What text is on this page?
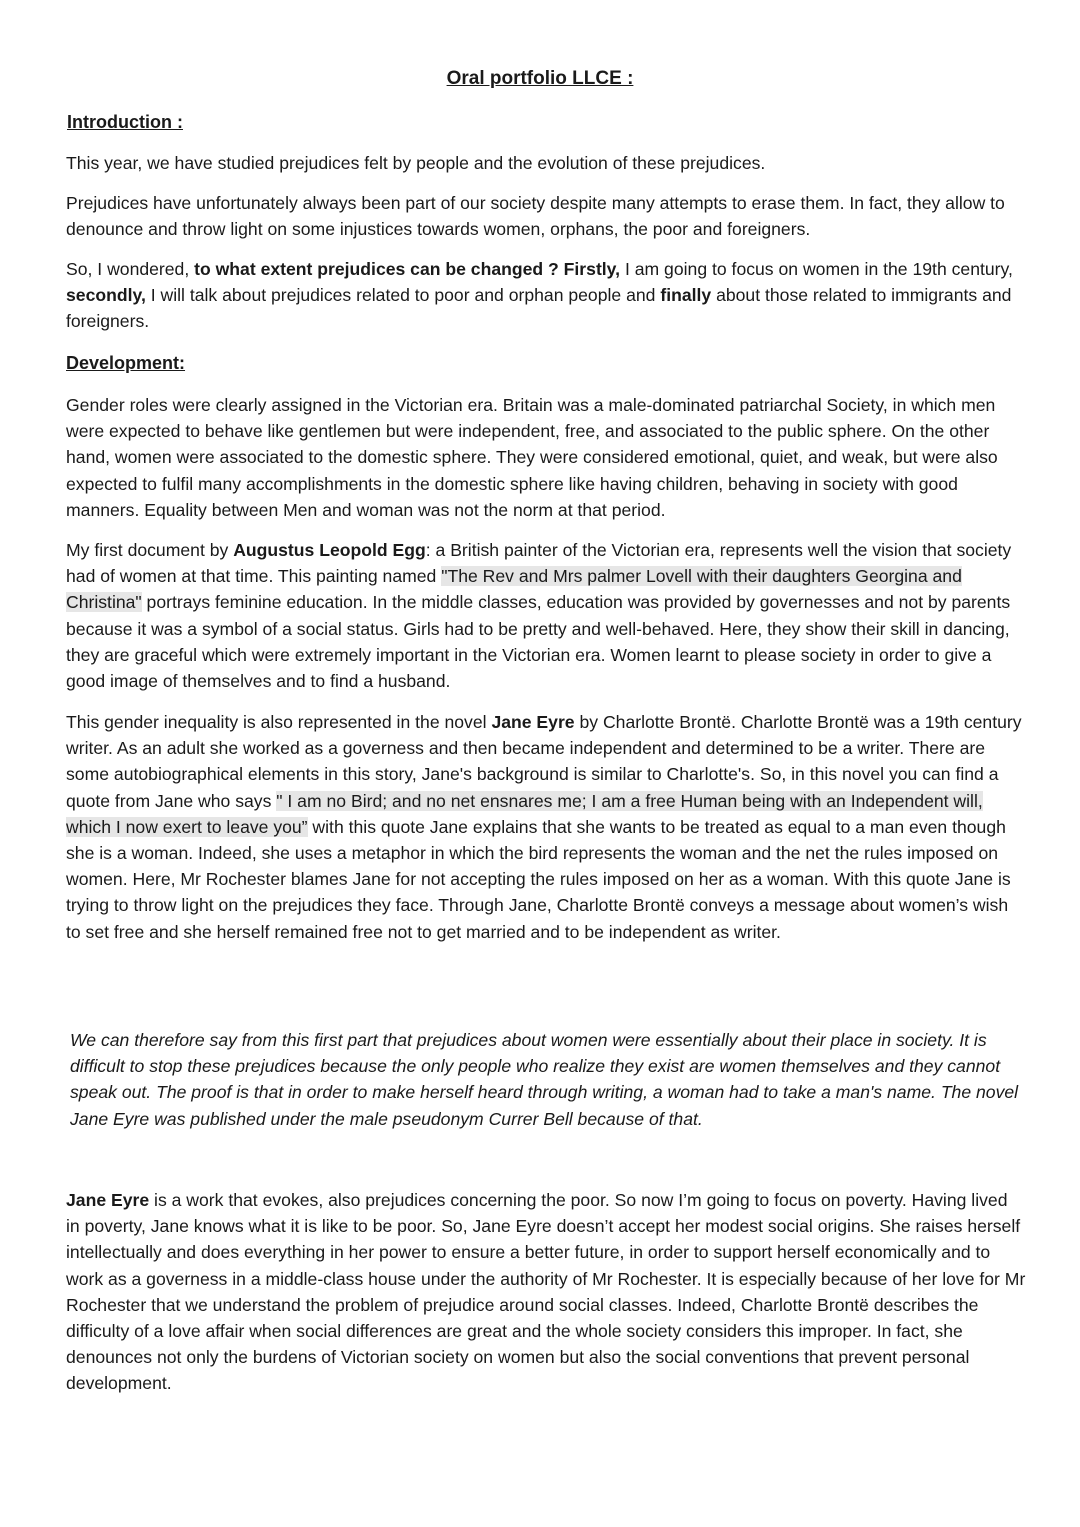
Oral portfolio LLCE :
Introduction :

This year, we have studied prejudices felt by people and the evolution of these prejudices.

Prejudices have unfortunately always been part of our society despite many attempts to erase them. In fact, they allow to denounce and throw light on some injustices towards women, orphans, the poor and foreigners.

So, I wondered, to what extent prejudices can be changed ? Firstly, I am going to focus on women in the 19th century, secondly, I will talk about prejudices related to poor and orphan people and finally about those related to immigrants and foreigners.

Development:

Gender roles were clearly assigned in the Victorian era. Britain was a male-dominated patriarchal Society, in which men were expected to behave like gentlemen but were independent, free, and associated to the public sphere. On the other hand, women were associated to the domestic sphere. They were considered emotional, quiet, and weak, but were also expected to fulfil many accomplishments in the domestic sphere like having children, behaving in society with good manners. Equality between Men and woman was not the norm at that period.

My first document by Augustus Leopold Egg: a British painter of the Victorian era, represents well the vision that society had of women at that time. This painting named "The Rev and Mrs palmer Lovell with their daughters Georgina and Christina" portrays feminine education. In the middle classes, education was provided by governesses and not by parents because it was a symbol of a social status. Girls had to be pretty and well-behaved. Here, they show their skill in dancing, they are graceful which were extremely important in the Victorian era. Women learnt to please society in order to give a good image of themselves and to find a husband.

This gender inequality is also represented in the novel Jane Eyre by Charlotte Brontë. Charlotte Brontë was a 19th century writer. As an adult she worked as a governess and then became independent and determined to be a writer. There are some autobiographical elements in this story, Jane's background is similar to Charlotte's. So, in this novel you can find a quote from Jane who says " I am no Bird; and no net ensnares me; I am a free Human being with an Independent will, which I now exert to leave you” with this quote Jane explains that she wants to be treated as equal to a man even though she is a woman. Indeed, she uses a metaphor in which the bird represents the woman and the net the rules imposed on women. Here, Mr Rochester blames Jane for not accepting the rules imposed on her as a woman. With this quote Jane is trying to throw light on the prejudices they face. Through Jane, Charlotte Brontë conveys a message about women’s wish to set free and she herself remained free not to get married and to be independent as writer.

We can therefore say from this first part that prejudices about women were essentially about their place in society. It is difficult to stop these prejudices because the only people who realize they exist are women themselves and they cannot speak out. The proof is that in order to make herself heard through writing, a woman had to take a man's name. The novel Jane Eyre was published under the male pseudonym Currer Bell because of that.

Jane Eyre is a work that evokes, also prejudices concerning the poor. So now I’m going to focus on poverty. Having lived in poverty, Jane knows what it is like to be poor. So, Jane Eyre doesn’t accept her modest social origins. She raises herself intellectually and does everything in her power to ensure a better future, in order to support herself economically and to work as a governess in a middle-class house under the authority of Mr Rochester. It is especially because of her love for Mr Rochester that we understand the problem of prejudice around social classes. Indeed, Charlotte Brontë describes the difficulty of a love affair when social differences are great and the whole society considers this improper. In fact, she denounces not only the burdens of Victorian society on women but also the social conventions that prevent personal development.
